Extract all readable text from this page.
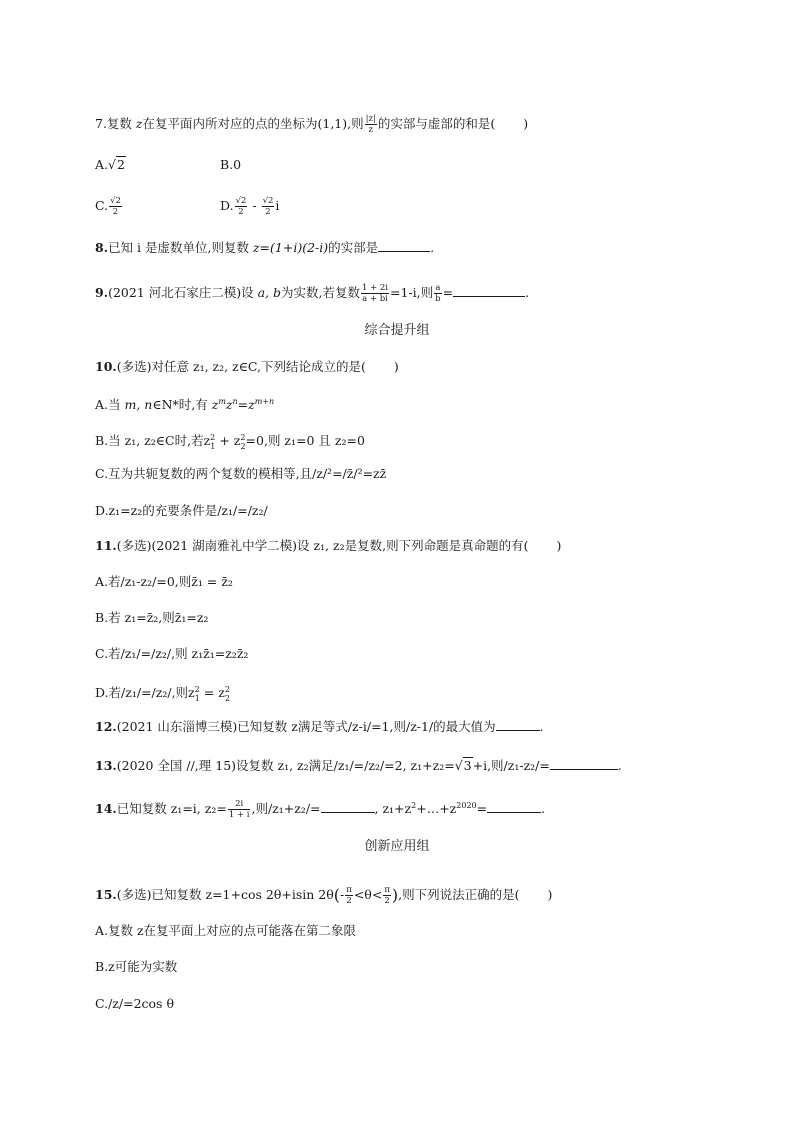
7.复数 z在复平面内所对应的点的坐标为(1,1),则 $\frac{|z|}{z}$ 的实部与虚部的和是( )
A.√2	B.0
C. $\frac{√2}{2}$	D. $\frac{√2}{2} - \frac{√2}{2}$ i
8.已知 i 是虚数单位,则复数 z=(1+i)(2-i)的实部是	.
9.(2021 河北石家庄二模)设 a, b为实数,若复数 $\frac{1 + 2i}{a + bi} =1-i$,则 $\frac{a}{b}$ =	.
综合提升组
10.(多选)对任意 z₁, z₂, z∈C,下列结论成立的是( )
A.当 m, n∈N*时,有 $z^mz^n=z^{m+n}$
B.当 z₁, z₂∈C时,若$z^2_1 + z^2_2=0$,则 z₁=0 且 z₂=0
C.互为共轭复数的两个复数的模相等,且/z/²=/z̄/²=zz̄
D.z₁=z₂的充要条件是/z₁/=/z₂/
11.(多选)(2021 湖南雅礼中学二模)设 z₁, z₂是复数,则下列命题是真命题的有( )
A.若/z₁-z₂/=0,则z̄₁ = z̄₂
B.若 z₁=z̄₂,则z̄₁=z₂
C.若/z₁/=/z₂/,则 z₁z̄₁=z₂z̄₂
D.若/z₁/=/z₂/,则$z^2_1 = z^2_2$
12.(2021 山东淄博三模)已知复数 z满足等式/z-i/=1,则/z-1/的最大值为	.
13.(2020 全国 //,理 15)设复数 z₁, z₂满足/z₁/=/z₂/=2, z₁+z₂=√3+i,则/z₁-z₂/=	.
14.已知复数 z₁=i, $z_2= \frac{2i}{1 + i}$ ,则/z₁+z₂/=	, $z_1+z^2+\dots+z^{2020}=$	.
创新应用组
15.(多选)已知复数 z=1+cos 2θ+isin $2\theta(- \frac{\pi}{2} <\theta< \frac{\pi}{2}$ ),则下列说法正确的是( )
A.复数 z在复平面上对应的点可能落在第二象限
B.z可能为实数
C./z/=2cos θ
